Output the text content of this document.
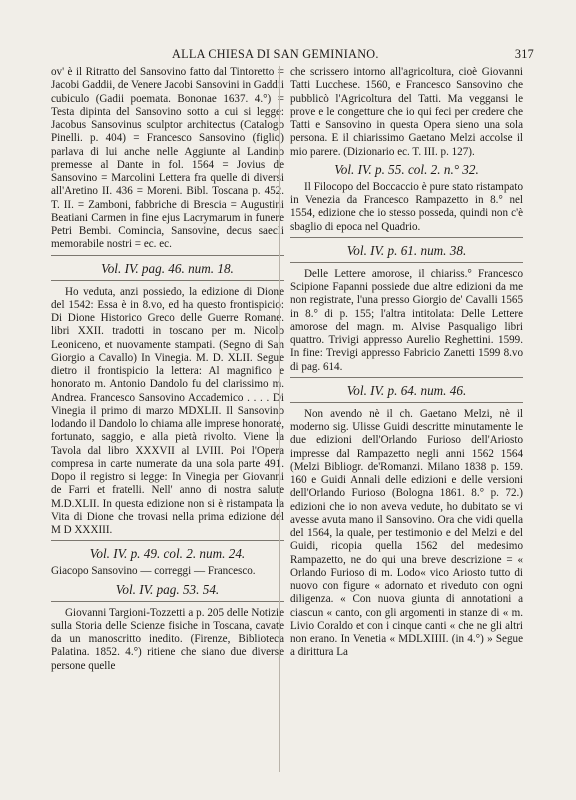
ALLA CHIESA DI SAN GEMINIANO.	317

ov' è il Ritratto del Sansovino fatto dal Tintoretto = Jacobi Gaddii, de Venere Jacobi Sansovini in Gaddii cubiculo (Gadii poemata. Bononae 1637. 4.°) = Testa dipinta del Sansovino sotto a cui si legge: Jacobus Sansovinus sculptor architectus (Catalogo Pinelli. p. 404) = Francesco Sansovino (figlio) parlava di lui anche nelle Aggiunte al Landino premesse al Dante in fol. 1564 = Jovius de Sansovino = Marcolini Lettera fra quelle di diversi all'Aretino II. 436 = Moreni. Bibl. Toscana p. 452. T. II. = Zamboni, fabbriche di Brescia = Augustini Beatiani Carmen in fine ejus Lacrymarum in funere Petri Bembi. Comincia, Sansovine, decus saecli memorabile nostri = ec. ec.

Vol. IV. pag. 46. num. 18.

Ho veduta, anzi possiedo, la edizione di Dione del 1542: Essa è in 8.vo, ed ha questo frontispicio: Di Dione Historico Greco delle Guerre Romane. libri XXII. tradotti in toscano per m. Nicolo Leoniceno, et nuovamente stampati. (Segno di San Giorgio a Cavallo) In Vinegia. M. D. XLII. Segue dietro il frontispicio la lettera: Al magnifico e honorato m. Antonio Dandolo fu del clarissimo m. Andrea. Francesco Sansovino Accademico . . . . Di Vinegia il primo di marzo MDXLII. Il Sansovino lodando il Dandolo lo chiama alle imprese honorate, fortunato, saggio, e alla pietà rivolto. Viene la Tavola dal libro XXXVII al LVIII. Poi l'Opera compresa in carte numerate da una sola parte 491. Dopo il registro si legge: In Vinegia per Giovanni de Farri et fratelli. Nell' anno di nostra salute M.D.XLII. In questa edizione non si è ristampata la Vita di Dione che trovasi nella prima edizione del M D XXXIII.

Vol. IV. p. 49. col. 2. num. 24.

Giacopo Sansovino — correggi — Francesco.

Vol. IV. pag. 53. 54.

Giovanni Targioni-Tozzetti a p. 205 delle Notizie sulla Storia delle Scienze fisiche in Toscana, cavate da un manoscritto inedito. (Firenze, Biblioteca Palatina. 1852. 4.°) ritiene che siano due diverse persone quelle

che scrissero intorno all'agricoltura, cioè Giovanni Tatti Lucchese. 1560, e Francesco Sansovino che pubblicò l'Agricoltura del Tatti. Ma veggansi le prove e le congetture che io qui feci per credere che Tatti e Sansovino in questa Opera sieno una sola persona. E il chiarissimo Gaetano Melzi accolse il mio parere. (Dizionario ec. T. III. p. 127).

Vol. IV. p. 55. col. 2. n.° 32.

Il Filocopo del Boccaccio è pure stato ristampato in Venezia da Francesco Rampazetto in 8.° nel 1554, edizione che io stesso posseda, quindi non c'è sbaglio di epoca nel Quadrio.

Vol. IV. p. 61. num. 38.

Delle Lettere amorose, il chiariss.° Francesco Scipione Fapanni possiede due altre edizioni da me non registrate, l'una presso Giorgio de' Cavalli 1565 in 8.° di p. 155; l'altra intitolata: Delle Lettere amorose del magn. m. Alvise Pasqualigo libri quattro. Trivigi appresso Aurelio Reghettini. 1599. In fine: Trevigi appresso Fabricio Zanetti 1599 8.vo di pag. 614.

Vol. IV. p. 64. num. 46.

Non avendo nè il ch. Gaetano Melzi, nè il moderno sig. Ulisse Guidi descritte minutamente le due edizioni dell'Orlando Furioso dell'Ariosto impresse dal Rampazetto negli anni 1562 1564 (Melzi Bibliogr. de'Romanzi. Milano 1838 p. 159. 160 e Guidi Annali delle edizioni e delle versioni dell'Orlando Furioso (Bologna 1861. 8.° p. 72.) edizioni che io non aveva vedute, ho dubitato se vi avesse avuta mano il Sansovino. Ora che vidi quella del 1564, la quale, per testimonio e del Melzi e del Guidi, ricopia quella 1562 del medesimo Rampazetto, ne do qui una breve descrizione = « Orlando Furioso di m. Lodo« vico Ariosto tutto di nuovo con figure « adornato et riveduto con ogni diligenza. « Con nuova giunta di annotationi a ciascun « canto, con gli argomenti in stanze di « m. Livio Coraldo et con i cinque canti « che ne gli altri non erano. In Venetia « MDLXIIII. (in 4.°) » Segue a dirittura La
